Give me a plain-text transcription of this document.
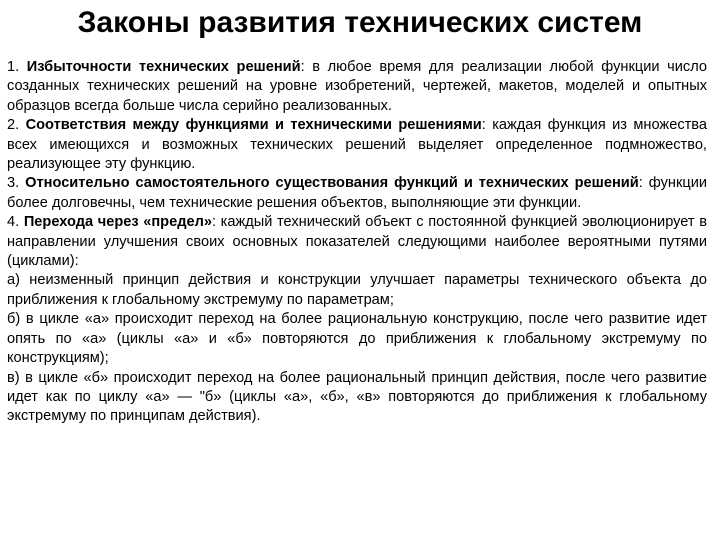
Законы развития технических систем

1. Избыточности технических решений: в любое время для реализации любой функции число созданных технических решений на уровне изобретений, чертежей, макетов, моделей и опытных образцов всегда больше числа серийно реализованных.

2. Соответствия между функциями и техническими решениями: каждая функция из множества всех имеющихся и возможных технических решений выделяет определенное подмножество, реализующее эту функцию.

3. Относительно самостоятельного существования функций и технических решений: функции более долговечны, чем технические решения объектов, выполняющие эти функции.

4. Перехода через «предел»: каждый технический объект с постоянной функцией эволюционирует в направлении улучшения своих основных показателей следующими наиболее вероятными путями (циклами):

а) неизменный принцип действия и конструкции улучшает параметры технического объекта до приближения к глобальному экстремуму по параметрам;

б) в цикле «а» происходит переход на более рациональную конструкцию, после чего развитие идет опять по «а» (циклы «а» и «б» повторяются до приближения к глобальному экстремуму по конструкциям);

в) в цикле «б» происходит переход на более рациональный принцип действия, после чего развитие идет как по циклу «а» — "б» (циклы «а», «б», «в» повторяются до приближения к глобальному экстремуму по принципам действия).
